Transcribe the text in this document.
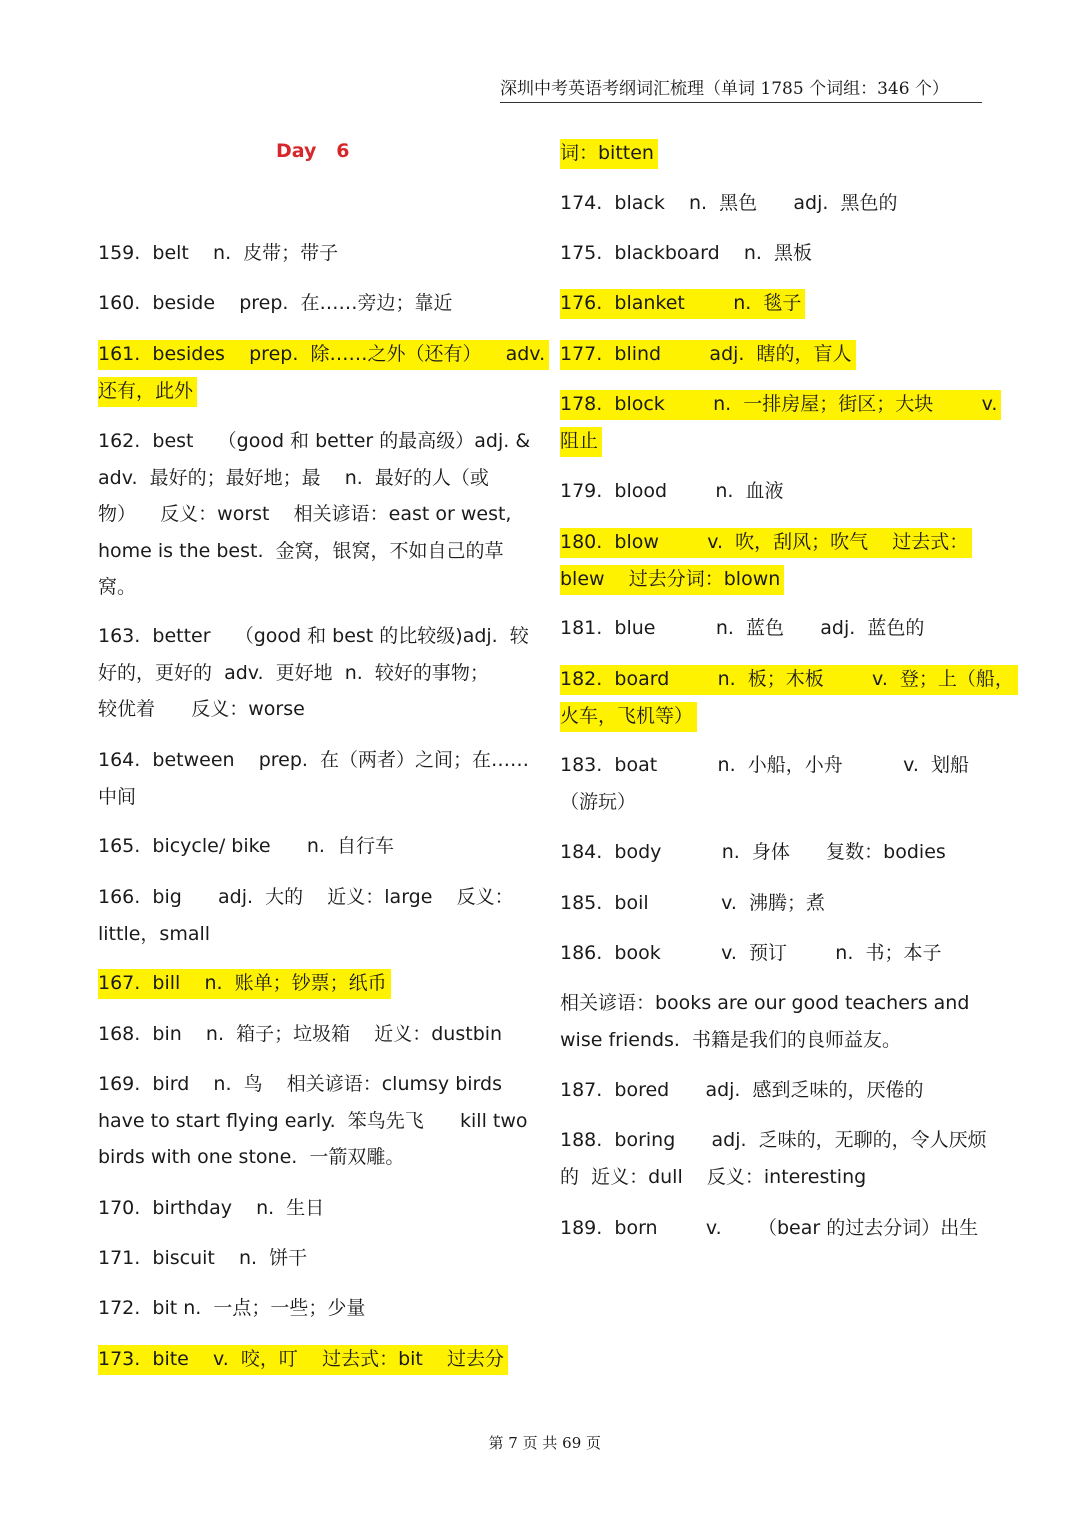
深圳中考英语考纲词汇梳理（单词 1785 个词组：346 个）
Day   6
159.  belt    n.  皮带；带子
160.  beside    prep.  在……旁边；靠近
161.  besides    prep.  除……之外（还有）    adv.
还有，此外
162.  best    （good 和 better 的最高级）adj. &
adv.  最好的；最好地；最    n.  最好的人（或
物）    反义：worst    相关谚语：east or west,
home is the best.  金窝，银窝，不如自己的草
窝。
163.  better    （good 和 best 的比较级)adj.  较
好的，更好的  adv.  更好地  n.  较好的事物；
较优着      反义：worse
164.  between    prep.  在（两者）之间；在……
中间
165.  bicycle/ bike      n.  自行车
166.  big      adj.  大的    近义：large    反义：
little，small
167.  bill    n.  账单；钞票；纸币
168.  bin    n.  箱子；垃圾箱    近义：dustbin
169.  bird    n.  鸟    相关谚语：clumsy birds
have to start flying early.  笨鸟先飞      kill two
birds with one stone.  一箭双雕。
170.  birthday    n.  生日
171.  biscuit    n.  饼干
172.  bit n.  一点；一些；少量
173.  bite    v.  咬，叮    过去式：bit    过去分
词：bitten
174.  black    n.  黑色      adj.  黑色的
175.  blackboard    n.  黑板
176.  blanket        n.  毯子
177.  blind        adj.  瞎的，盲人
178.  block        n.  一排房屋；街区；大块        v.
阻止
179.  blood        n.  血液
180.  blow        v.  吹，刮风；吹气    过去式：
blew    过去分词：blown
181.  blue          n.  蓝色      adj.  蓝色的
182.  board        n.  板；木板        v.  登；上（船，
火车，飞机等）
183.  boat          n.  小船，小舟          v.  划船
（游玩）
184.  body          n.  身体      复数：bodies
185.  boil            v.  沸腾；煮
186.  book          v.  预订        n.  书；本子
相关谚语：books are our good teachers and
wise friends.  书籍是我们的良师益友。
187.  bored      adj.  感到乏味的，厌倦的
188.  boring      adj.  乏味的，无聊的，令人厌烦
的  近义：dull    反义：interesting
189.  born        v.      （bear 的过去分词）出生

第 7 页 共 69 页
